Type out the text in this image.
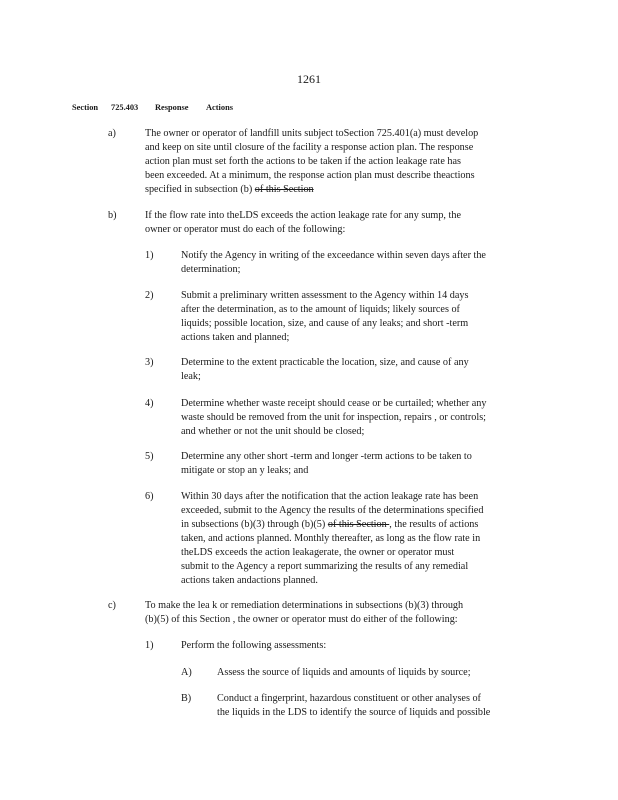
1261
Section 725.403 Response Actions
a)	The owner or operator of landfill units subject toSection 725.401(a) must develop
and keep on site until closure of the facility a response action plan. The response
action plan must set forth the actions to be taken if the action leakage rate has
been exceeded. At a minimum, the response action plan must describe theactions
specified in subsection (b) of this Section
b)	If the flow rate into theLDS exceeds the action leakage rate for any sump, the
owner or operator must do each of the following:
1)	Notify the Agency in writing of the exceedance within seven days after the
determination;
2)	Submit a preliminary written assessment to the Agency within 14 days
after the determination, as to the amount of liquids; likely sources of
liquids; possible location, size, and cause of any leaks; and short -term
actions taken and planned;
3)	Determine to the extent practicable the location, size, and cause of any
leak;
4)	Determine whether waste receipt should cease or be curtailed; whether any
waste should be removed from the unit for inspection, repairs , or controls;
and whether or not the unit should be closed;
5)	Determine any other short -term and longer -term actions to be taken to
mitigate or stop an y leaks; and
6)	Within 30 days after the notification that the action leakage rate has been
exceeded, submit to the Agency the results of the determinations specified
in subsections (b)(3) through (b)(5) of this Section , the results of actions
taken, and actions planned. Monthly thereafter, as long as the flow rate in
theLDS exceeds the action leakagerate, the owner or operator must
submit to the Agency a report summarizing the results of any remedial
actions taken andactions planned.
c)	To make the lea k or remediation determinations in subsections (b)(3) through
(b)(5) of this Section , the owner or operator must do either of the following:
1)	Perform the following assessments:
A) Assess the source of liquids and amounts of liquids by source;
B)	Conduct a fingerprint, hazardous constituent or other analyses of
the liquids in the LDS to identify the source of liquids and possible
